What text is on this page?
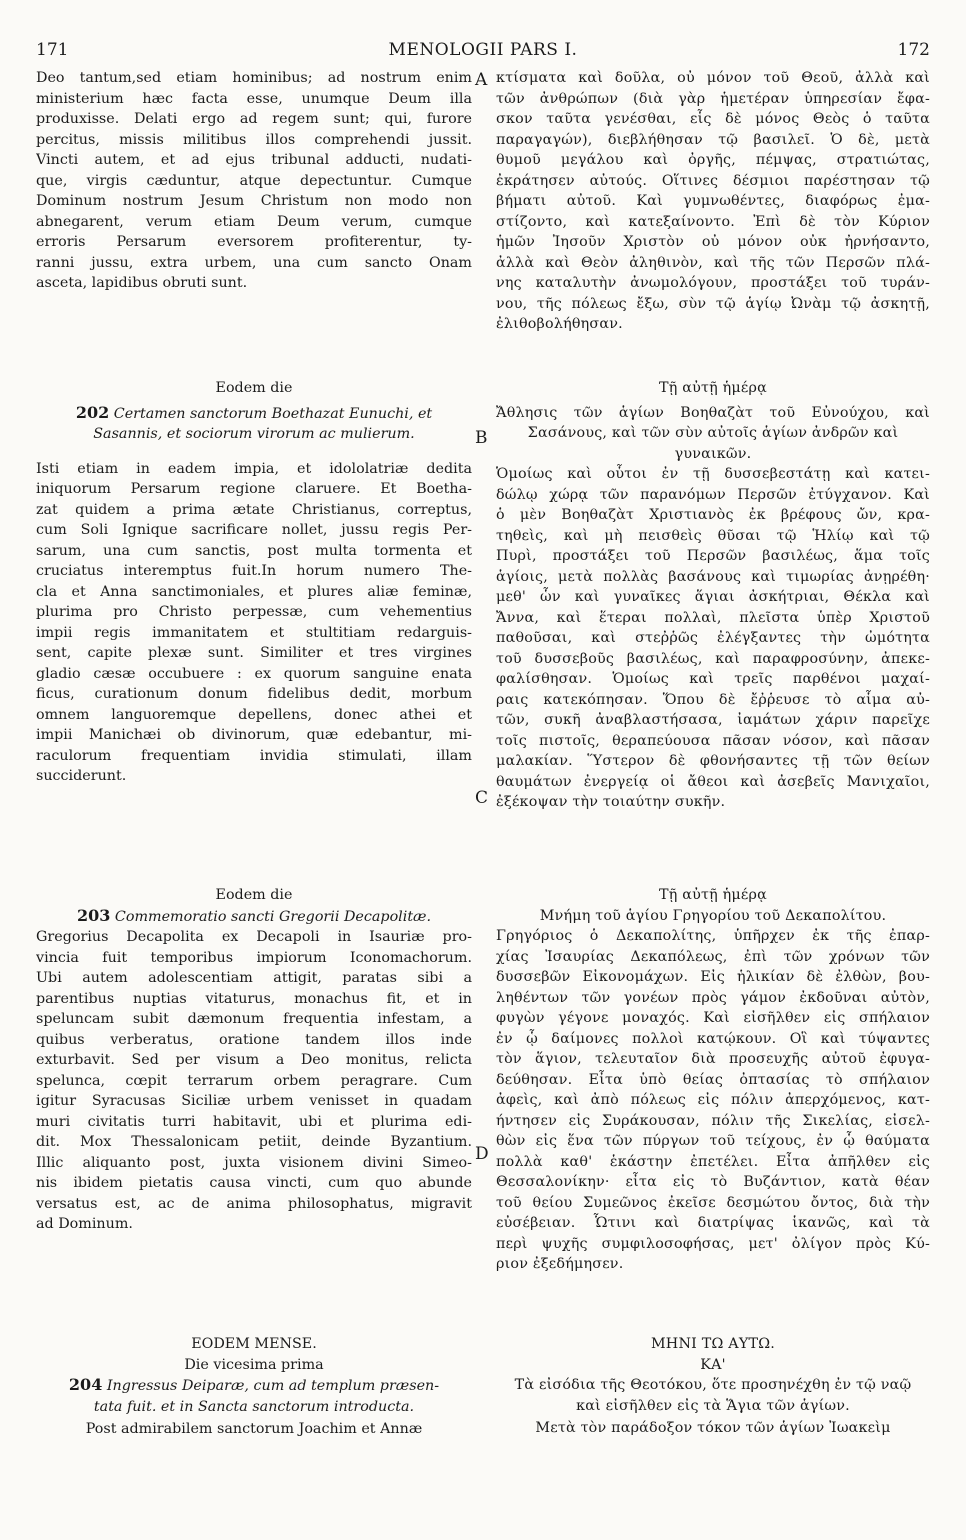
171	MENOLOGII PARS I.	172
A
B
C
D
Deo tantum,sed etiam hominibus; ad nostrum enim
ministerium hæc facta esse, unumque Deum illa
produxisse. Delati ergo ad regem sunt; qui, furore
percitus, missis militibus illos comprehendi jussit.
Vincti autem, et ad ejus tribunal adducti, nudati-
que, virgis cæduntur, atque depectuntur. Cumque
Dominum nostrum Jesum Christum non modo non
abnegarent, verum etiam Deum verum, cumque
erroris Persarum eversorem profiterentur, ty-
ranni jussu, extra urbem, una cum sancto Onam
asceta, lapidibus obruti sunt.
Eodem die
202 Certamen sanctorum Boethazat Eunuchi, et
Sasannis, et sociorum virorum ac mulierum.
Isti etiam in eadem impia, et idololatriæ dedita
iniquorum Persarum regione claruere. Et Boetha-
zat quidem a prima ætate Christianus, correptus,
cum Soli Ignique sacrificare nollet, jussu regis Per-
sarum, una cum sanctis, post multa tormenta et
cruciatus interemptus fuit.In horum numero The-
cla et Anna sanctimoniales, et plures aliæ feminæ,
plurima pro Christo perpessæ, cum vehementius
impii regis immanitatem et stultitiam redarguis-
sent, capite plexæ sunt. Similiter et tres virgines
gladio cæsæ occubuere : ex quorum sanguine enata
ficus, curationum donum fidelibus dedit, morbum
omnem languoremque depellens, donec athei et
impii Manichæi ob divinorum, quæ edebantur, mi-
raculorum frequentiam invidia stimulati, illam
succiderunt.
Eodem die
203 Commemoratio sancti Gregorii Decapolitæ.
Gregorius Decapolita ex Decapoli in Isauriæ pro-
vincia fuit temporibus impiorum Iconomachorum.
Ubi autem adolescentiam attigit, paratas sibi a
parentibus nuptias vitaturus, monachus fit, et in
speluncam subit dæmonum frequentia infestam, a
quibus verberatus, oratione tandem illos inde
exturbavit. Sed per visum a Deo monitus, relicta
spelunca, cœpit terrarum orbem peragrare. Cum
igitur Syracusas Siciliæ urbem venisset in quadam
muri civitatis turri habitavit, ubi et plurima edi-
dit. Mox Thessalonicam petiit, deinde Byzantium.
Illic aliquanto post, juxta visionem divini Simeo-
nis ibidem pietatis causa vincti, cum quo abunde
versatus est, ac de anima philosophatus, migravit
ad Dominum.
EODEM MENSE.
Die vicesima prima
204 Ingressus Deiparæ, cum ad templum præsen-
tata fuit. et in Sancta sanctorum introducta.
Post admirabilem sanctorum Joachim et Annæ
κτίσματα καὶ δοῦλα, οὐ μόνον τοῦ Θεοῦ, ἀλλὰ καὶ
τῶν ἀνθρώπων (διὰ γὰρ ἡμετέραν ὑπηρεσίαν ἔφα-
σκον ταῦτα γενέσθαι, εἷς δὲ μόνος Θεὸς ὁ ταῦτα
παραγαγών), διεβλήθησαν τῷ βασιλεῖ. Ὁ δὲ, μετὰ
θυμοῦ μεγάλου καὶ ὀργῆς, πέμψας, στρατιώτας,
ἐκράτησεν αὐτούς. Οἵτινες δέσμιοι παρέστησαν τῷ
βήματι αὐτοῦ. Καὶ γυμνωθέντες, διαφόρως ἐμα-
στίζοντο, καὶ κατεξαίνοντο. Ἐπὶ δὲ τὸν Κύριον
ἡμῶν Ἰησοῦν Χριστὸν οὐ μόνον οὐκ ἠρνήσαντο,
ἀλλὰ καὶ Θεὸν ἀληθινὸν, καὶ τῆς τῶν Περσῶν πλά-
νης καταλυτὴν ἀνωμολόγουν, προστάξει τοῦ τυράν-
νου, τῆς πόλεως ἔξω, σὺν τῷ ἁγίῳ Ὠνὰμ τῷ ἀσκητῇ,
ἐλιθοβολήθησαν.
Τῇ αὐτῇ ἡμέρᾳ
Ἄθλησις τῶν ἁγίων Βοηθαζὰτ τοῦ Εὐνούχου, καὶ
Σασάνους, καὶ τῶν σὺν αὐτοῖς ἁγίων ἀνδρῶν καὶ
γυναικῶν.
Ὁμοίως καὶ οὗτοι ἐν τῇ δυσσεβεστάτῃ καὶ κατει-
δώλῳ χώρᾳ τῶν παρανόμων Περσῶν ἐτύγχανον. Καὶ
ὁ μὲν Βοηθαζὰτ Χριστιανὸς ἐκ βρέφους ὤν, κρα-
τηθεὶς, καὶ μὴ πεισθεὶς θῦσαι τῷ Ἡλίῳ καὶ τῷ
Πυρὶ, προστάξει τοῦ Περσῶν βασιλέως, ἅμα τοῖς
ἁγίοις, μετὰ πολλὰς βασάνους καὶ τιμωρίας ἀνῃρέθη·
μεθ' ὧν καὶ γυναῖκες ἅγιαι ἀσκήτριαι, Θέκλα καὶ
Ἄννα, καὶ ἕτεραι πολλαὶ, πλεῖστα ὑπὲρ Χριστοῦ
παθοῦσαι, καὶ στεῤῥῶς ἐλέγξαντες τὴν ὠμότητα
τοῦ δυσσεβοῦς βασιλέως, καὶ παραφροσύνην, ἀπεκε-
φαλίσθησαν. Ὁμοίως καὶ τρεῖς παρθένοι μαχαί-
ραις κατεκόπησαν. Ὅπου δὲ ἔῤῥευσε τὸ αἷμα αὐ-
τῶν, συκῆ ἀναβλαστήσασα, ἰαμάτων χάριν παρεῖχε
τοῖς πιστοῖς, θεραπεύουσα πᾶσαν νόσον, καὶ πᾶσαν
μαλακίαν. Ὕστερον δὲ φθονήσαντες τῇ τῶν θείων
θαυμάτων ἐνεργείᾳ οἱ ἄθεοι καὶ ἀσεβεῖς Μανιχαῖοι,
ἐξέκοψαν τὴν τοιαύτην συκῆν.
Τῇ αὐτῇ ἡμέρᾳ
Μνήμη τοῦ ἁγίου Γρηγορίου τοῦ Δεκαπολίτου.
Γρηγόριος ὁ Δεκαπολίτης, ὑπῆρχεν ἐκ τῆς ἐπαρ-
χίας Ἰσαυρίας Δεκαπόλεως, ἐπὶ τῶν χρόνων τῶν
δυσσεβῶν Εἰκονομάχων. Εἰς ἡλικίαν δὲ ἐλθὼν, βου-
ληθέντων τῶν γονέων πρὸς γάμον ἐκδοῦναι αὐτὸν,
φυγὼν γέγονε μοναχός. Καὶ εἰσῆλθεν εἰς σπήλαιον
ἐν ᾧ δαίμονες πολλοὶ κατῴκουν. Οἳ καὶ τύψαντες
τὸν ἅγιον, τελευταῖον διὰ προσευχῆς αὐτοῦ ἐφυγα-
δεύθησαν. Εἶτα ὑπὸ θείας ὀπτασίας τὸ σπήλαιον
ἀφεὶς, καὶ ἀπὸ πόλεως εἰς πόλιν ἀπερχόμενος, κατ-
ήντησεν εἰς Συράκουσαν, πόλιν τῆς Σικελίας, εἰσελ-
θὼν εἰς ἕνα τῶν πύργων τοῦ τείχους, ἐν ᾧ θαύματα
πολλὰ καθ' ἑκάστην ἐπετέλει. Εἶτα ἀπῆλθεν εἰς
Θεσσαλονίκην· εἶτα εἰς τὸ Βυζάντιον, κατὰ θέαν
τοῦ θείου Συμεῶνος ἐκεῖσε δεσμώτου ὄντος, διὰ τὴν
εὐσέβειαν. Ὧτινι καὶ διατρίψας ἱκανῶς, καὶ τὰ
περὶ ψυχῆς συμφιλοσοφήσας, μετ' ὀλίγον πρὸς Κύ-
ριον ἐξεδήμησεν.
ΜΗΝΙ ΤΩ ΑΥΤΩ.
ΚΑ'
Τὰ εἰσόδια τῆς Θεοτόκου, ὅτε προσηνέχθη ἐν τῷ ναῷ
καὶ εἰσῆλθεν εἰς τὰ Ἅγια τῶν ἁγίων.
Μετὰ τὸν παράδοξον τόκον τῶν ἁγίων Ἰωακεὶμ
